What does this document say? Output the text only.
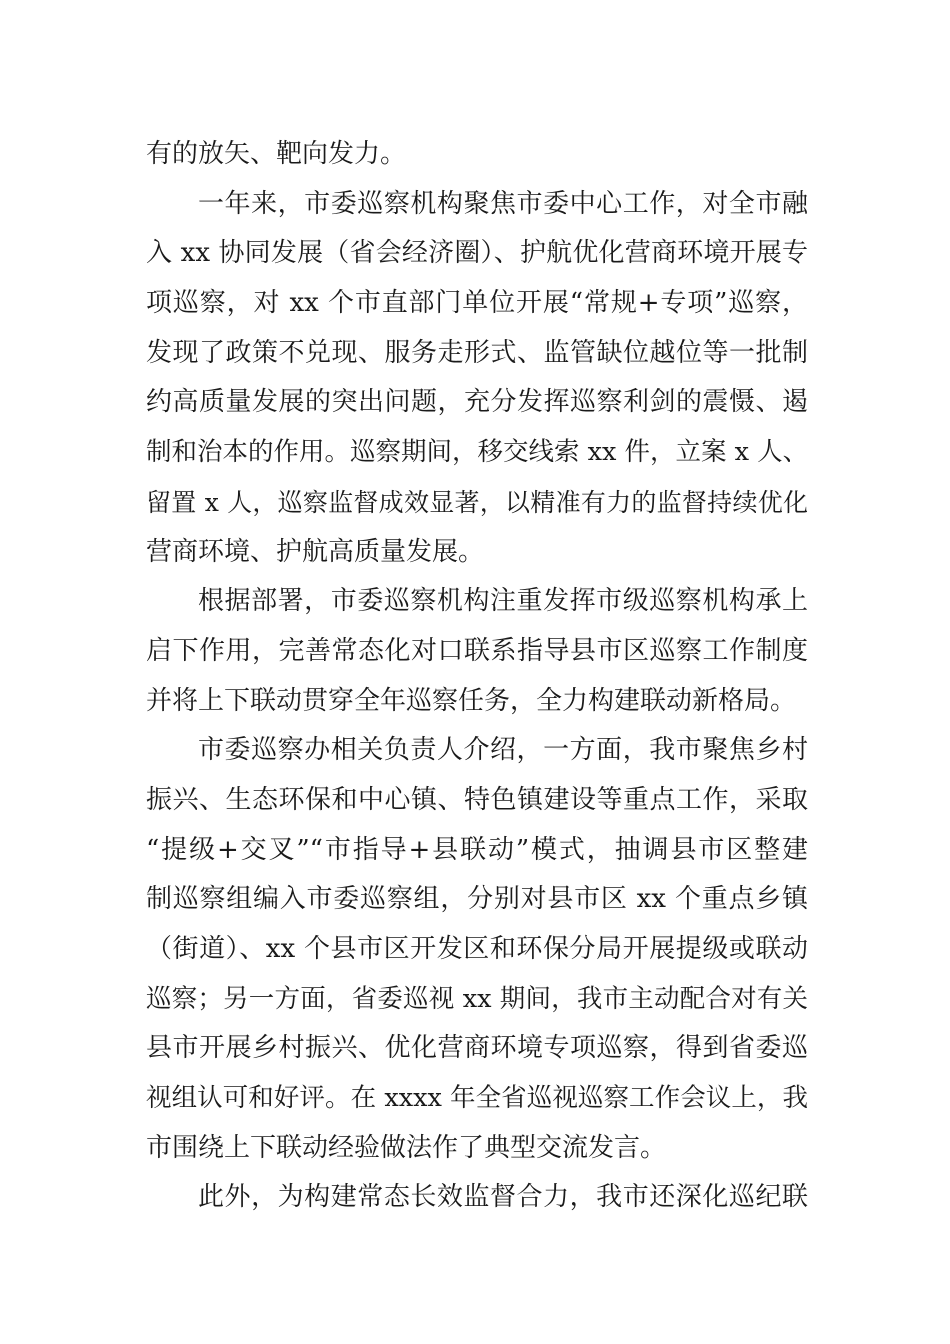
有的放矢、靶向发力。
一年来，市委巡察机构聚焦市委中心工作，对全市融
入 xx 协同发展（省会经济圈）、护航优化营商环境开展专
项巡察，对 xx 个市直部门单位开展“常规+专项”巡察，
发现了政策不兑现、服务走形式、监管缺位越位等一批制
约高质量发展的突出问题，充分发挥巡察利剑的震慑、遏
制和治本的作用。巡察期间，移交线索 xx 件，立案 x 人、
留置 x 人，巡察监督成效显著，以精准有力的监督持续优化
营商环境、护航高质量发展。
根据部署，市委巡察机构注重发挥市级巡察机构承上
启下作用，完善常态化对口联系指导县市区巡察工作制度
并将上下联动贯穿全年巡察任务，全力构建联动新格局。
市委巡察办相关负责人介绍，一方面，我市聚焦乡村
振兴、生态环保和中心镇、特色镇建设等重点工作，采取
“提级+交叉”“市指导+县联动”模式，抽调县市区整建
制巡察组编入市委巡察组，分别对县市区 xx 个重点乡镇
（街道）、xx 个县市区开发区和环保分局开展提级或联动
巡察；另一方面，省委巡视 xx 期间，我市主动配合对有关
县市开展乡村振兴、优化营商环境专项巡察，得到省委巡
视组认可和好评。在 xxxx 年全省巡视巡察工作会议上，我
市围绕上下联动经验做法作了典型交流发言。
此外，为构建常态长效监督合力，我市还深化巡纪联
